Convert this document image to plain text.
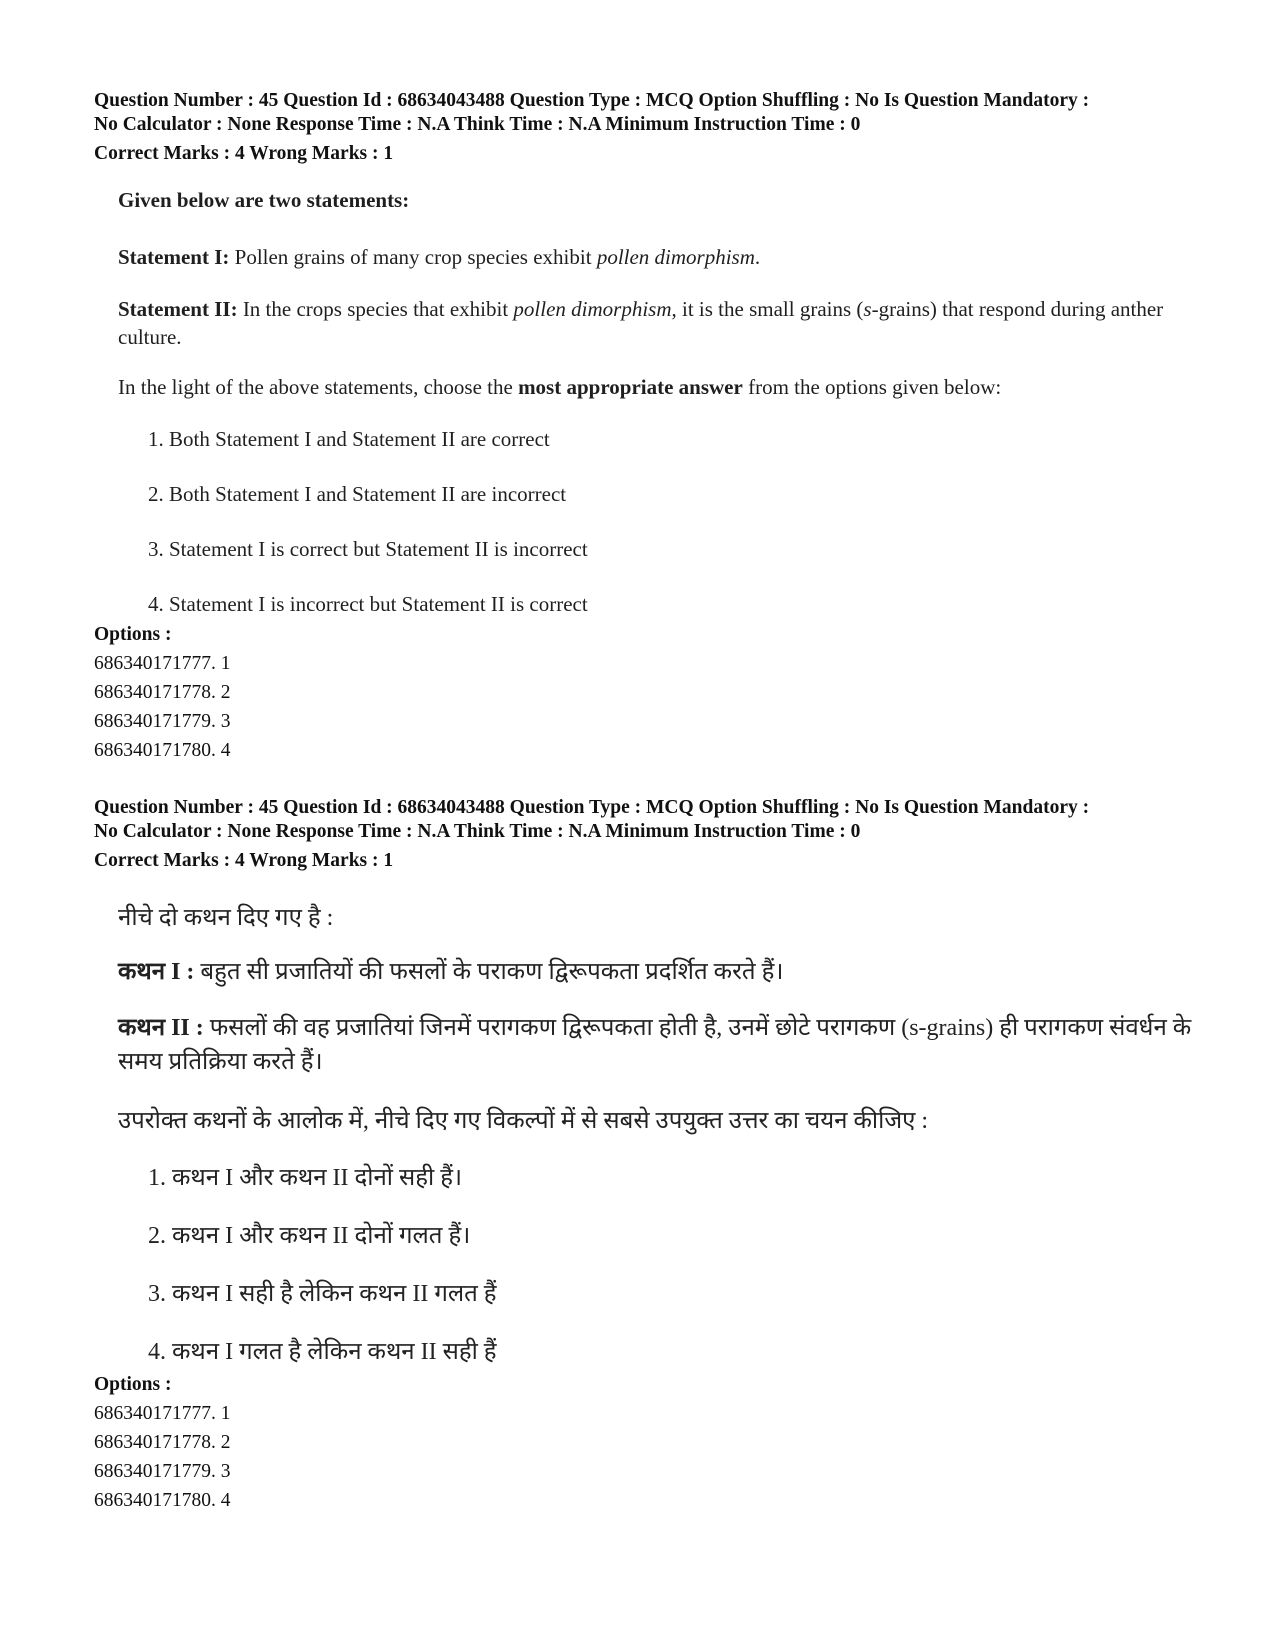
Question Number : 45 Question Id : 68634043488 Question Type : MCQ Option Shuffling : No Is Question Mandatory :
No Calculator : None Response Time : N.A Think Time : N.A Minimum Instruction Time : 0
Correct Marks : 4 Wrong Marks : 1

Given below are two statements:

Statement I: Pollen grains of many crop species exhibit pollen dimorphism.

Statement II: In the crops species that exhibit pollen dimorphism, it is the small grains (s-grains) that respond during anther culture.

In the light of the above statements, choose the most appropriate answer from the options given below:

1. Both Statement I and Statement II are correct

2. Both Statement I and Statement II are incorrect

3. Statement I is correct but Statement II is incorrect

4. Statement I is incorrect but Statement II is correct

Options :
686340171777. 1
686340171778. 2
686340171779. 3
686340171780. 4
Question Number : 45 Question Id : 68634043488 Question Type : MCQ Option Shuffling : No Is Question Mandatory :
No Calculator : None Response Time : N.A Think Time : N.A Minimum Instruction Time : 0
Correct Marks : 4 Wrong Marks : 1

नीचे दो कथन दिए गए है :

कथन I : बहुत सी प्रजातियों की फसलों के पराकण द्विरूपकता प्रदर्शित करते हैं।

कथन II : फसलों की वह प्रजातियां जिनमें परागकण द्विरूपकता होती है, उनमें छोटे परागकण (s-grains) ही परागकण संवर्धन के समय प्रतिक्रिया करते हैं।

उपरोक्त कथनों के आलोक में, नीचे दिए गए विकल्पों में से सबसे उपयुक्त उत्तर का चयन कीजिए :

1. कथन I और कथन II दोनों सही हैं।

2. कथन I और कथन II दोनों गलत हैं।

3. कथन I सही है लेकिन कथन II गलत हैं

4. कथन I गलत है लेकिन कथन II सही हैं

Options :
686340171777. 1
686340171778. 2
686340171779. 3
686340171780. 4
